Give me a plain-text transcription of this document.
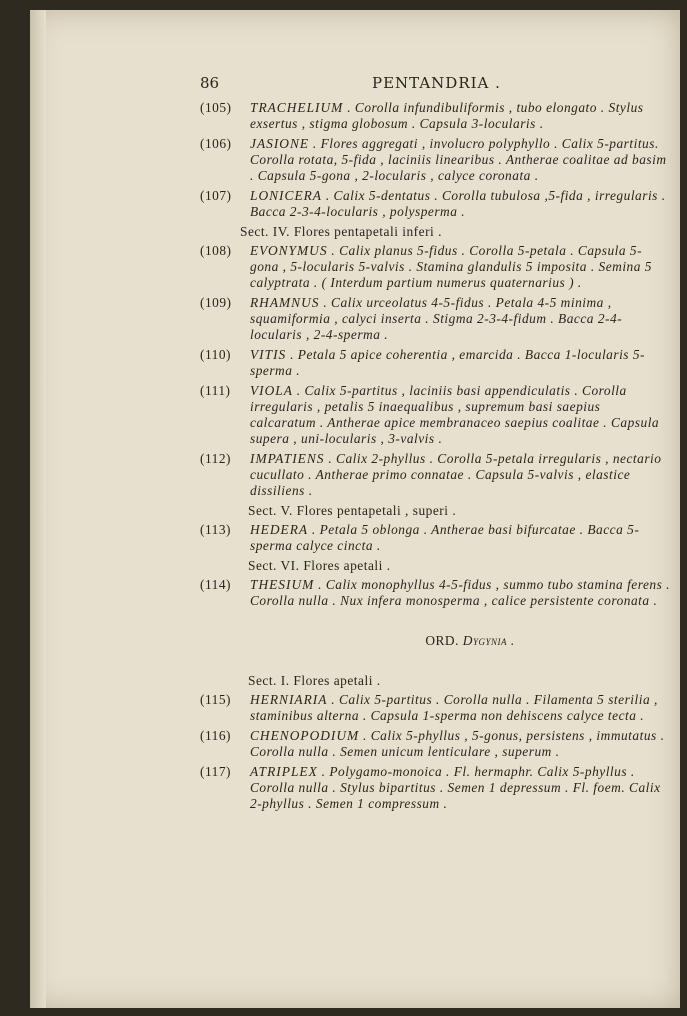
86	PENTANDRIA .
(105) TRACHELIUM . Corolla infundibuliformis , tubo elongato . Stylus exsertus , stigma globosum . Capsula 3-locularis .
(106) JASIONE . Flores aggregati , involucro polyphyllo . Calix 5-partitus. Corolla rotata, 5-fida , laciniis linearibus . Antherae coalitae ad basim . Capsula 5-gona , 2-locularis , calyce coronata .
(107) LONICERA . Calix 5-dentatus . Corolla tubulosa ,5-fida , irregularis . Bacca 2-3-4-locularis , polysperma .
Sect. IV. Flores pentapetali inferi .
(108) EVONYMUS . Calix planus 5-fidus . Corolla 5-petala . Capsula 5-gona , 5-locularis 5-valvis . Stamina glandulis 5 imposita . Semina 5 calyptrata . ( Interdum partium numerus quaternarius ) .
(109) RHAMNUS . Calix urceolatus 4-5-fidus . Petala 4-5 minima , squamiformia , calyci inserta . Stigma 2-3-4-fidum . Bacca 2-4-locularis , 2-4-sperma .
(110) VITIS . Petala 5 apice coherentia , emarcida . Bacca 1-locularis 5-sperma .
(111) VIOLA . Calix 5-partitus , laciniis basi appendiculatis . Corolla irregularis , petalis 5 inaequalibus , supremum basi saepius calcaratum . Antherae apice membranaceo saepius coalitae . Capsula supera , uni-locularis , 3-valvis .
(112) IMPATIENS . Calix 2-phyllus . Corolla 5-petala irregularis , nectario cucullato . Antherae primo connatae . Capsula 5-valvis , elastice dissiliens .
Sect. V. Flores pentapetali , superi .
(113) HEDERA . Petala 5 oblonga . Antherae basi bifurcatae . Bacca 5-sperma calyce cincta .
Sect. VI. Flores apetali .
(114) THESIUM . Calix monophyllus 4-5-fidus , summo tubo stamina ferens . Corolla nulla . Nux infera monosperma , calice persistente coronata .
ORD. Dygynia .
Sect. I. Flores apetali .
(115) HERNIARIA . Calix 5-partitus . Corolla nulla . Filamenta 5 sterilia , staminibus alterna . Capsula 1-sperma non dehiscens calyce tecta .
(116) CHENOPODIUM . Calix 5-phyllus , 5-gonus, persistens , immutatus . Corolla nulla . Semen unicum lenticulare , superum .
(117) ATRIPLEX . Polygamo-monoica . Fl. hermaphr. Calix 5-phyllus . Corolla nulla . Stylus bipartitus . Semen 1 depressum . Fl. foem. Calix 2-phyllus . Semen 1 compressum .
